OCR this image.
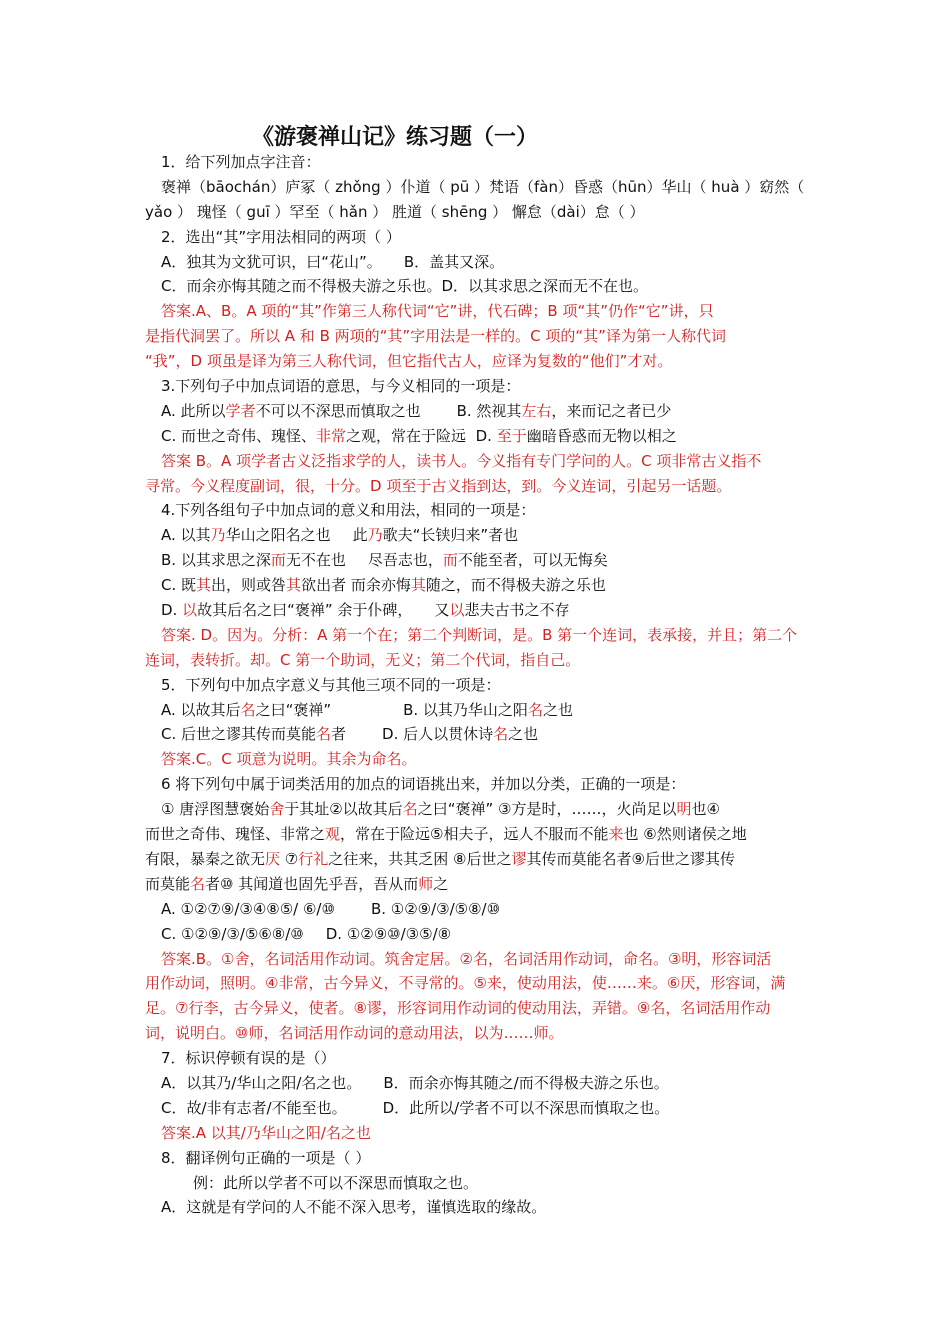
《游褒禅山记》练习题（一）
1．给下列加点字注音：
褒禅（bāochán）庐冢（ zhǒng ）仆道（ pū ）梵语（fàn）昏惑（hūn）华山（ huà ）窈然（
yǎo ） 瑰怪（ guī ）罕至（ hǎn ） 胜道（ shēng ） 懈怠（dài）怠（ ）
2．选出“其”字用法相同的两项（ ）
A．独其为文犹可识，曰“花山”。 B．盖其又深。
C．而余亦悔其随之而不得极夫游之乐也。D．以其求思之深而无不在也。
答案.A、B。A 项的“其”作第三人称代词“它”讲，代石碑；B 项“其”仍作“它”讲，只
是指代洞罢了。所以 A 和 B 两项的“其”字用法是一样的。C 项的“其”译为第一人称代词
“我”，D 项虽是译为第三人称代词，但它指代古人，应译为复数的“他们”才对。
3.下列句子中加点词语的意思，与今义相同的一项是：
A. 此所以学者不可以不深思而慎取之也 B. 然视其左右，来而记之者已少
C. 而世之奇伟、瑰怪、非常之观，常在于险远 D. 至于幽暗昏惑而无物以相之
答案 B。A 项学者古义泛指求学的人，读书人。今义指有专门学问的人。C 项非常古义指不
寻常。今义程度副词，很，十分。D 项至于古义指到达，到。今义连词，引起另一话题。
4.下列各组句子中加点词的意义和用法，相同的一项是：
A. 以其乃华山之阳名之也 此乃歌夫“长铗归来”者也
B. 以其求思之深而无不在也 尽吾志也，而不能至者，可以无悔矣
C. 既其出，则或咎其欲出者 而余亦悔其随之，而不得极夫游之乐也
D. 以故其后名之曰“褒禅” 余于仆碑， 又以悲夫古书之不存
答案. D。因为。分析：A 第一个在；第二个判断词，是。B 第一个连词，表承接，并且；第二个
连词，表转折。却。C 第一个助词，无义；第二个代词，指自己。
5．下列句中加点字意义与其他三项不同的一项是：
A. 以故其后名之曰“褒禅”	B. 以其乃华山之阳名之也
C. 后世之谬其传而莫能名者 D. 后人以贯休诗名之也
答案.C。C 项意为说明。其余为命名。
6 将下列句中属于词类活用的加点的词语挑出来，并加以分类，正确的一项是：
① 唐浮图慧褒始舍于其址②以故其后名之曰“褒禅” ③方是时，……，火尚足以明也④
而世之奇伟、瑰怪、非常之观，常在于险远⑤相夫子，远人不服而不能来也 ⑥然则诸侯之地
有限，暴秦之欲无厌 ⑦行礼之往来，共其乏困 ⑧后世之谬其传而莫能名者⑨后世之谬其传
而莫能名者⑩ 其闻道也固先乎吾，吾从而师之
A. ①②⑦⑨/③④⑧⑤/ ⑥/⑩ B. ①②⑨/③/⑤⑧/⑩
C. ①②⑨/③/⑤⑥⑧/⑩ D. ①②⑨⑩/③⑤/⑧
答案.B。①舍，名词活用作动词。筑舍定居。②名，名词活用作动词，命名。③明，形容词活
用作动词，照明。④非常，古今异义，不寻常的。⑤来，使动用法，使……来。⑥厌，形容词，满
足。⑦行李，古今异义，使者。⑧谬，形容词用作动词的使动用法，弄错。⑨名，名词活用作动
词，说明白。⑩师，名词活用作动词的意动用法，以为……师。
7．标识停顿有误的是（）
A．以其乃/华山之阳/名之也。 B．而余亦悔其随之/而不得极夫游之乐也。
C．故/非有志者/不能至也。 D．此所以/学者不可以不深思而慎取之也。
答案.A 以其/乃华山之阳/名之也
8．翻译例句正确的一项是（ ）
例：此所以学者不可以不深思而慎取之也。
A．这就是有学问的人不能不深入思考，谨慎选取的缘故。
